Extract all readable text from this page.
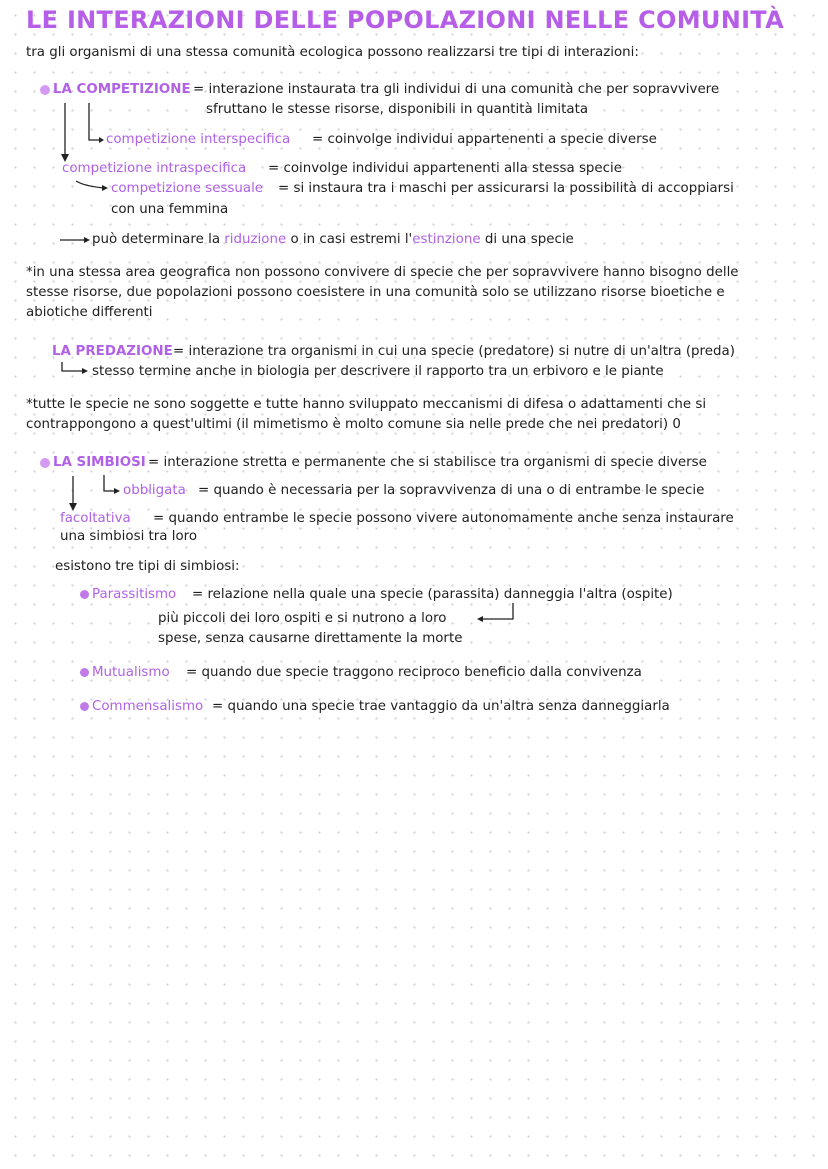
LE INTERAZIONI DELLE POPOLAZIONI NELLE COMUNITÀ
tra gli organismi di una stessa comunità ecologica possono realizzarsi tre tipi di interazioni:
LA COMPETIZIONE = interazione instaurata tra gli individui di una comunità che per sopravvivere
sfruttano le stesse risorse, disponibili in quantità limitata
competizione interspecifica = coinvolge individui appartenenti a specie diverse
competizione intraspecifica = coinvolge individui appartenenti alla stessa specie
competizione sessuale = si instaura tra i maschi per assicurarsi la possibilità di accoppiarsi
con una femmina
può determinare la riduzione o in casi estremi l'estinzione di una specie
*in una stessa area geografica non possono convivere di specie che per sopravvivere hanno bisogno delle
stesse risorse, due popolazioni possono coesistere in una comunità solo se utilizzano risorse bioetiche e
abiotiche differenti
LA PREDAZIONE = interazione tra organismi in cui una specie (predatore) si nutre di un'altra (preda)
stesso termine anche in biologia per descrivere il rapporto tra un erbivoro e le piante
*tutte le specie ne sono soggette e tutte hanno sviluppato meccanismi di difesa o adattamenti che si
contrappongono a quest'ultimi (il mimetismo è molto comune sia nelle prede che nei predatori) 0
LA SIMBIOSI = interazione stretta e permanente che si stabilisce tra organismi di specie diverse
obbligata = quando è necessaria per la sopravvivenza di una o di entrambe le specie
facoltativa = quando entrambe le specie possono vivere autonomamente anche senza instaurare
una simbiosi tra loro
esistono tre tipi di simbiosi:
Parassitismo = relazione nella quale una specie (parassita) danneggia l'altra (ospite)
più piccoli dei loro ospiti e si nutrono a loro
spese, senza causarne direttamente la morte
Mutualismo = quando due specie traggono reciproco beneficio dalla convivenza
Commensalismo = quando una specie trae vantaggio da un'altra senza danneggiarla
